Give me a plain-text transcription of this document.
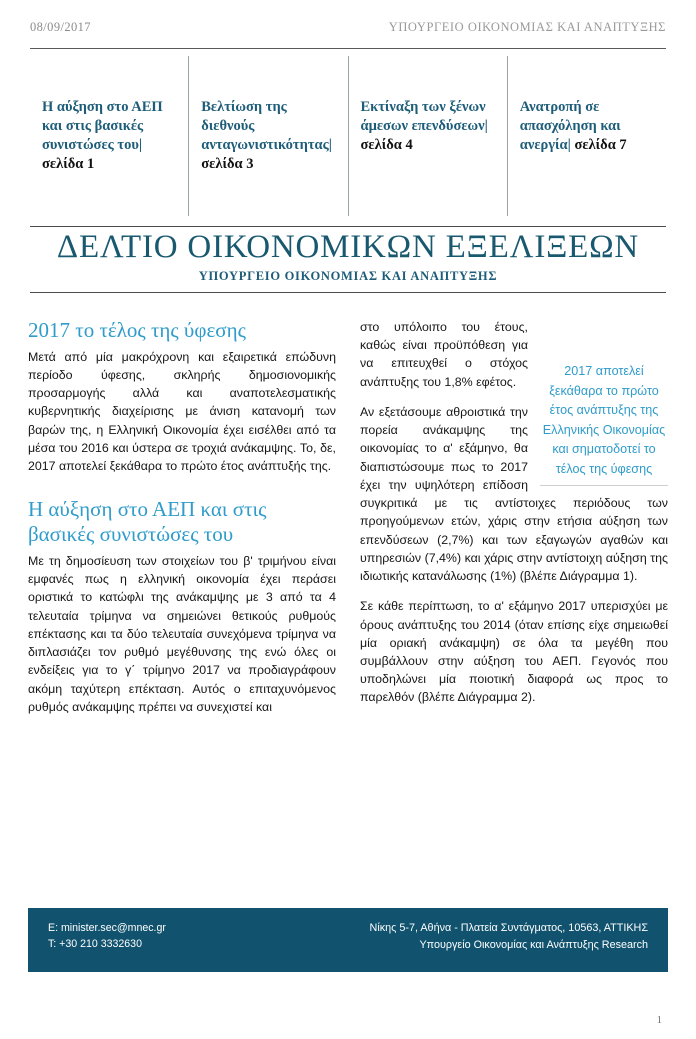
08/09/2017	ΥΠΟΥΡΓΕΙΟ ΟΙΚΟΝΟΜΙΑΣ ΚΑΙ ΑΝΑΠΤΥΞΗΣ
Η αύξηση στο ΑΕΠ και στις βασικές συνιστώσες του|σελίδα 1
Βελτίωση της διεθνούς ανταγωνιστικότητας|σελίδα 3
Εκτίναξη των ξένων άμεσων επενδύσεων| σελίδα 4
Ανατροπή σε απασχόληση και ανεργία| σελίδα 7
ΔΕΛΤΙΟ ΟΙΚΟΝΟΜΙΚΩΝ ΕΞΕΛΙΞΕΩΝ
ΥΠΟΥΡΓΕΙΟ ΟΙΚΟΝΟΜΙΑΣ ΚΑΙ ΑΝΑΠΤΥΞΗΣ
2017 το τέλος της ύφεσης

Μετά από μία μακρόχρονη και εξαιρετικά επώδυνη περίοδο ύφεσης, σκληρής δημοσιονομικής προσαρμογής αλλά και αναποτελεσματικής κυβερνητικής διαχείρισης με άνιση κατανομή των βαρών της, η Ελληνική Οικονομία έχει εισέλθει από τα μέσα του 2016 και ύστερα σε τροχιά ανάκαμψης. Το, δε, 2017 αποτελεί ξεκάθαρα το πρώτο έτος ανάπτυξής της.

Η αύξηση στο ΑΕΠ και στις βασικές συνιστώσες του

Με τη δημοσίευση των στοιχείων του β' τριμήνου είναι εμφανές πως η ελληνική οικονομία έχει περάσει οριστικά το κατώφλι της ανάκαμψης με 3 από τα 4 τελευταία τρίμηνα να σημειώνει θετικούς ρυθμούς επέκτασης και τα δύο τελευταία συνεχόμενα τρίμηνα να διπλασιάζει τον ρυθμό μεγέθυνσης της ενώ όλες οι ενδείξεις για το γ΄ τρίμηνο 2017 να προδιαγράφουν ακόμη ταχύτερη επέκταση. Αυτός ο επιταχυνόμενος ρυθμός ανάκαμψης πρέπει να συνεχιστεί και

2017 αποτελεί ξεκάθαρα το πρώτο έτος ανάπτυξης της Ελληνικής Οικονομίας και σηματοδοτεί το τέλος της ύφεσης

στο υπόλοιπο του έτους, καθώς είναι προϋπόθεση για να επιτευχθεί ο στόχος ανάπτυξης του 1,8% εφέτος.

Αν εξετάσουμε αθροιστικά την πορεία ανάκαμψης της οικονομίας το α' εξάμηνο, θα διαπιστώσουμε πως το 2017 έχει την υψηλότερη επίδοση συγκριτικά με τις αντίστοιχες περιόδους των προηγούμενων ετών, χάρις στην ετήσια αύξηση των επενδύσεων (2,7%) και των εξαγωγών αγαθών και υπηρεσιών (7,4%) και χάρις στην αντίστοιχη αύξηση της ιδιωτικής κατανάλωσης (1%) (βλέπε Διάγραμμα 1).

Σε κάθε περίπτωση, το α' εξάμηνο 2017 υπερισχύει με όρους ανάπτυξης του 2014 (όταν επίσης είχε σημειωθεί μία οριακή ανάκαμψη) σε όλα τα μεγέθη που συμβάλλουν στην αύξηση του ΑΕΠ. Γεγονός που υποδηλώνει μία ποιοτική διαφορά ως προς το παρελθόν (βλέπε Διάγραμμα 2).

E: minister.sec@mnec.gr
T: +30 210 3332630
Νίκης 5-7, Αθήνα - Πλατεία Συντάγματος, 10563, ΑΤΤΙΚΗΣ
Υπουργείο Οικονομίας και Ανάπτυξης Research
1
